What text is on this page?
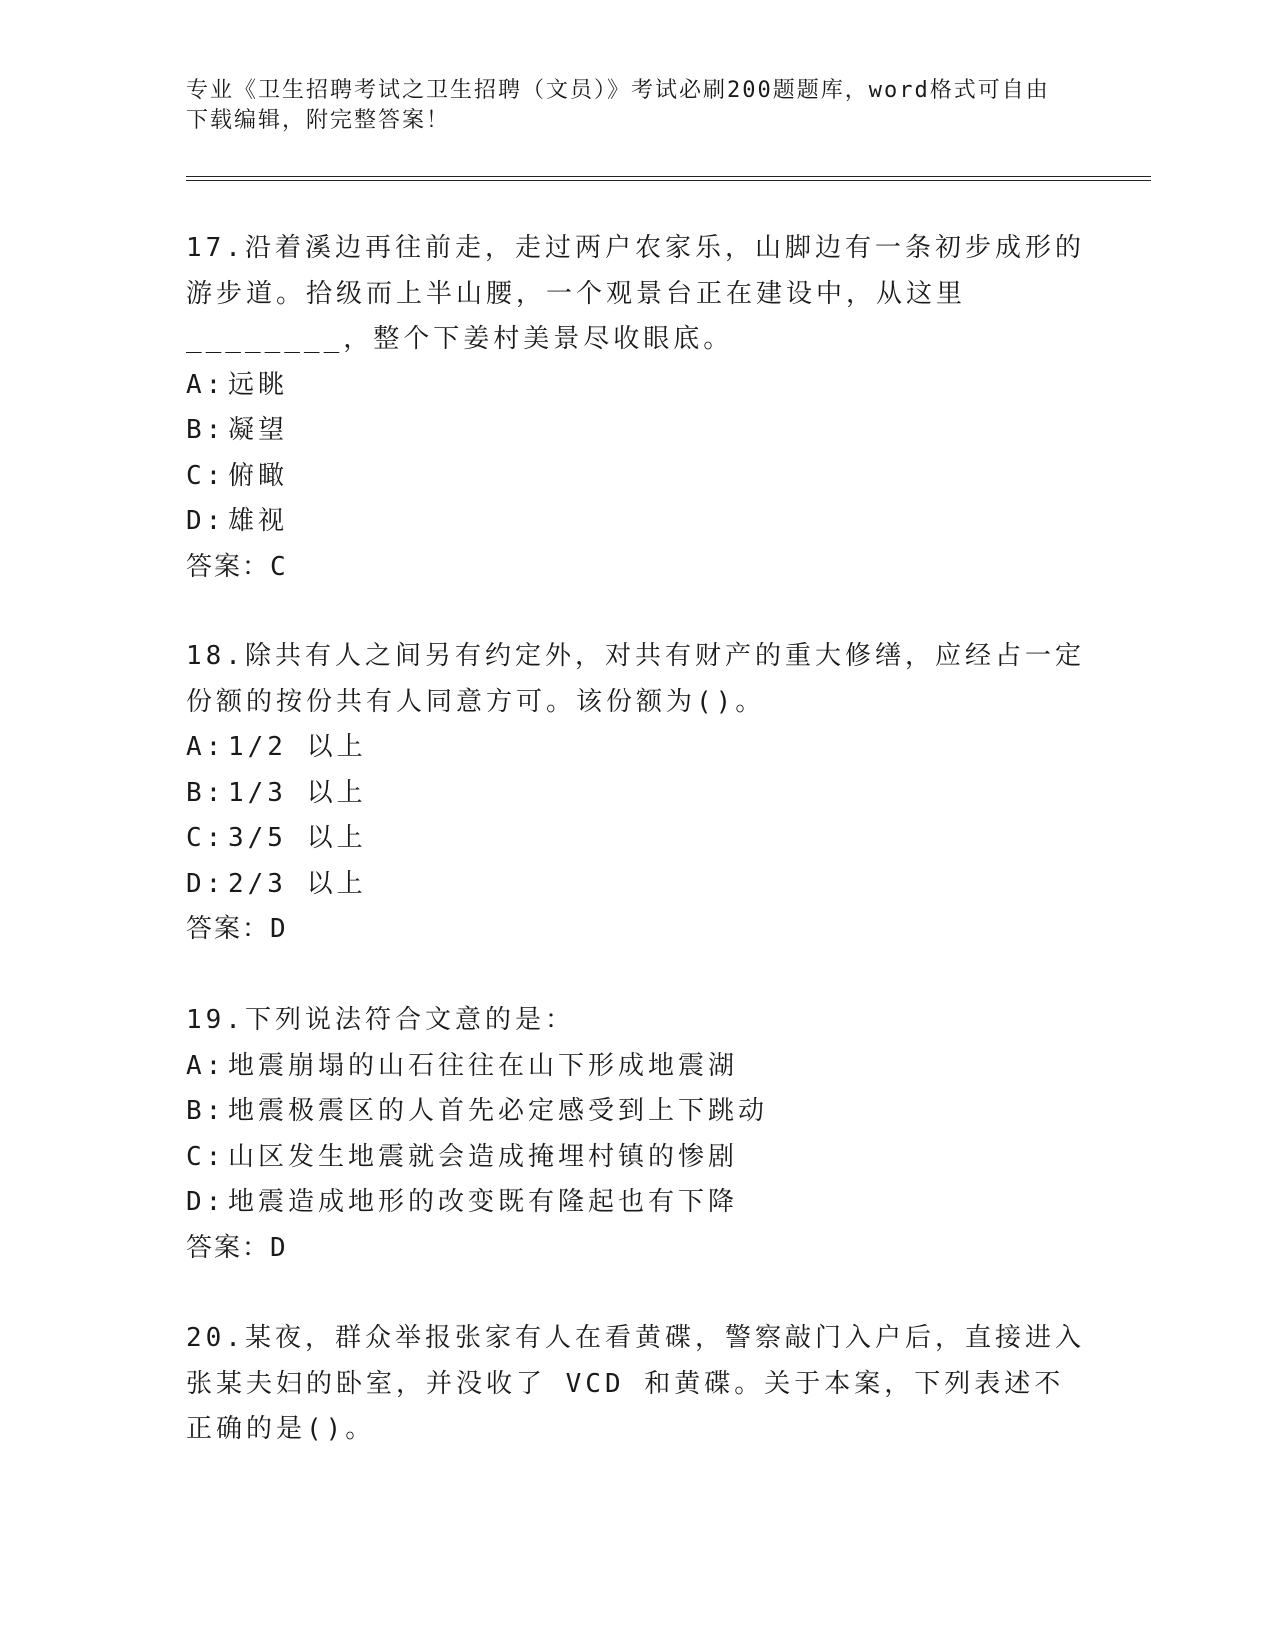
专业《卫生招聘考试之卫生招聘（文员）》考试必刷200题题库，word格式可自由下载编辑，附完整答案！

17.沿着溪边再往前走，走过两户农家乐，山脚边有一条初步成形的游步道。拾级而上半山腰，一个观景台正在建设中，从这里________，整个下姜村美景尽收眼底。

A: 远眺

B: 凝望

C: 俯瞰

D: 雄视

答案：C

18.除共有人之间另有约定外，对共有财产的重大修缮，应经占一定份额的按份共有人同意方可。该份额为()。

A: 1/2 以上

B: 1/3 以上

C: 3/5 以上

D: 2/3 以上

答案：D

19.下列说法符合文意的是：

A: 地震崩塌的山石往往在山下形成地震湖

B: 地震极震区的人首先必定感受到上下跳动

C: 山区发生地震就会造成掩埋村镇的惨剧

D: 地震造成地形的改变既有隆起也有下降

答案：D

20.某夜，群众举报张家有人在看黄碟，警察敲门入户后，直接进入张某夫妇的卧室，并没收了 VCD 和黄碟。关于本案，下列表述不正确的是()。
